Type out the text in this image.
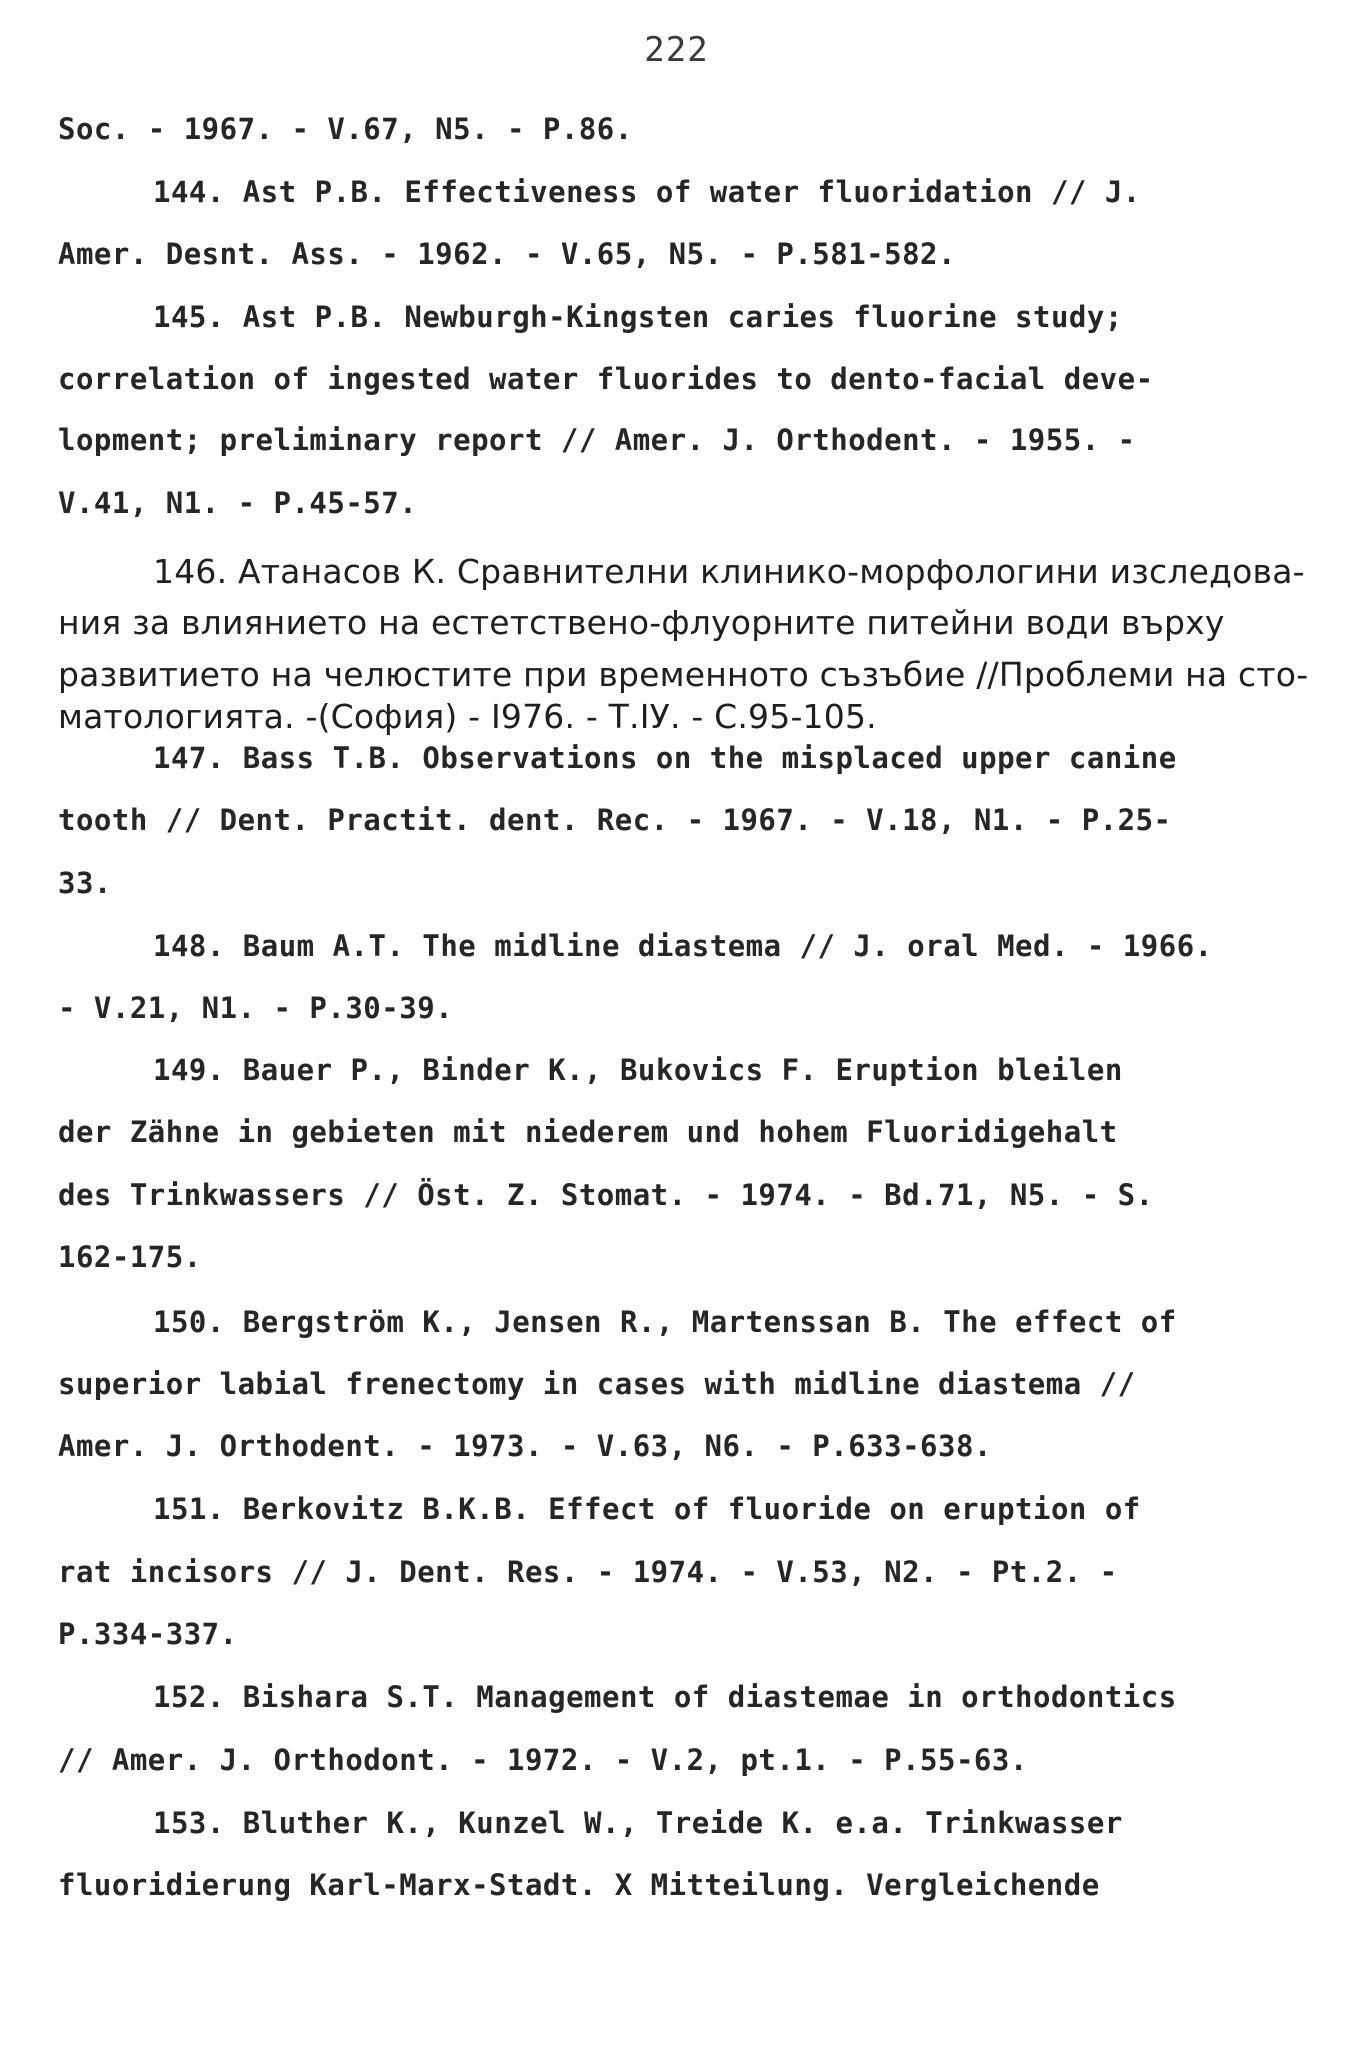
222
Soc. - 1967. - V.67, N5. - P.86.
144. Ast P.B. Effectiveness of water fluoridation // J.
Amer. Desnt. Ass. - 1962. - V.65, N5. - P.581-582.
145. Ast P.B. Newburgh-Kingsten caries fluorine study;
correlation of ingested water fluorides to dento-facial deve-
lopment; preliminary report // Amer. J. Orthodent. - 1955. -
V.41, N1. - P.45-57.
146. Атанасов К. Сравнителни клинико-морфологини изследова-
ния за влиянието на естетствено-флуорните питейни води върху
развитието на челюстите при временното съзъбие //Проблеми на сто-
матологията. -(София) - I976. - Т.IУ. - С.95-105.
147. Bass T.B. Observations on the misplaced upper canine
tooth // Dent. Practit. dent. Rec. - 1967. - V.18, N1. - P.25-
33.
148. Baum A.T. The midline diastema // J. oral Med. - 1966.
- V.21, N1. - P.30-39.
149. Bauer P., Binder K., Bukovics F. Eruption bleilen
der Zähne in gebieten mit niederem und hohem Fluoridigehalt
des Trinkwassers // Öst. Z. Stomat. - 1974. - Bd.71, N5. - S.
162-175.
150. Bergström K., Jensen R., Martenssan B. The effect of
superior labial frenectomy in cases with midline diastema //
Amer. J. Orthodent. - 1973. - V.63, N6. - P.633-638.
151. Berkovitz B.K.B. Effect of fluoride on eruption of
rat incisors // J. Dent. Res. - 1974. - V.53, N2. - Pt.2. -
P.334-337.
152. Bishara S.T. Management of diastemae in orthodontics
// Amer. J. Orthodont. - 1972. - V.2, pt.1. - P.55-63.
153. Bluther K., Kunzel W., Treide K. e.a. Trinkwasser
fluoridierung Karl-Marx-Stadt. X Mitteilung. Vergleichende
